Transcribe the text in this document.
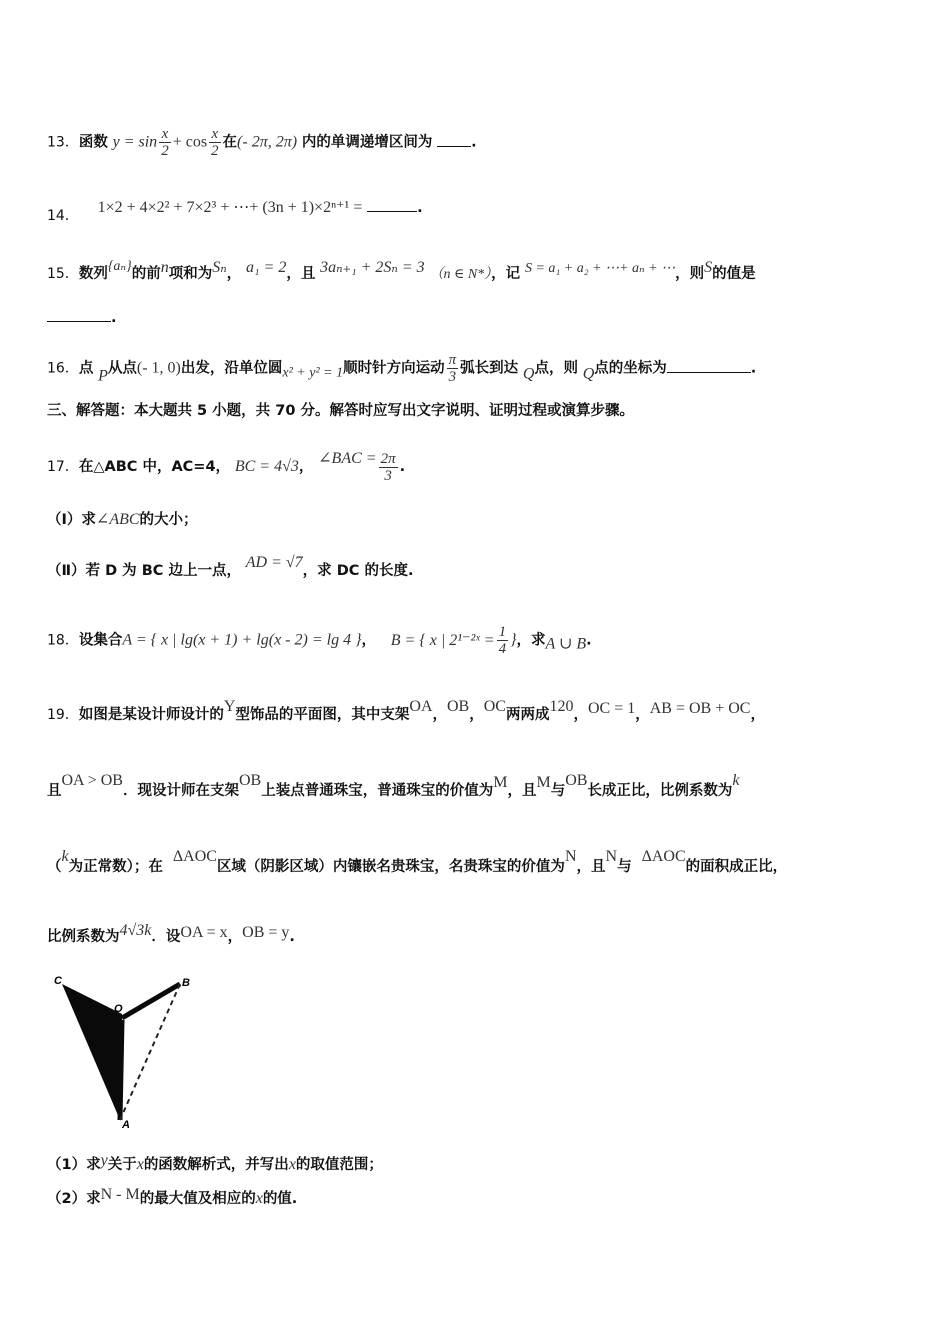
13．函数 $y = \sin \frac{x}{2} + \cos \frac{x}{2}$ 在(- 2π, 2π) 内的单调递增区间为	.
14． 1×2 + 4×2² + 7×2³ + ⋯+ (3n + 1)×2ⁿ⁺¹ =	.
15．数列{aₙ}的前n项和为Sₙ， a₁ = 2，且 3aₙ₊₁ + 2Sₙ = 3 （n ∈ N*），记 S = a₁ + a₂ + ⋯+ aₙ + ⋯，则S的值是
.
16．点 P从点(- 1, 0)出发，沿单位圆x² + y² = 1顺时针方向运动 $\frac{\pi}{3}$ 弧长到达 Q点，则 Q点的坐标为	.
三、解答题：本大题共 5 小题，共 70 分。解答时应写出文字说明、证明过程或演算步骤。
17．在△ABC 中，AC=4， BC = 4√3， ∠BAC = $\frac{2\pi}{3}$ .
（Ⅰ）求∠ABC的大小；
（Ⅱ）若 D 为 BC 边上一点， AD = √7，求 DC 的长度.
18．设集合A = { x | lg(x + 1) + lg(x - 2) = lg 4 }， B = { x | 2¹⁻²ˣ = $\frac{1}{4}$ }，求A ∪ B.
19．如图是某设计师设计的Y型饰品的平面图，其中支架OA，OB，OC两两成120，OC = 1，AB = OB + OC，
且OA > OB．现设计师在支架OB上装点普通珠宝，普通珠宝的价值为M，且M与OB长成正比，比例系数为k
（k为正常数）；在ΔAOC区域（阴影区域）内镶嵌名贵珠宝，名贵珠宝的价值为N，且N与ΔAOC的面积成正比，
比例系数为4√3k．设OA = x，OB = y.
C
O
B
A
（1）求y关于x的函数解析式，并写出x的取值范围；
（2）求N - M的最大值及相应的x的值.
